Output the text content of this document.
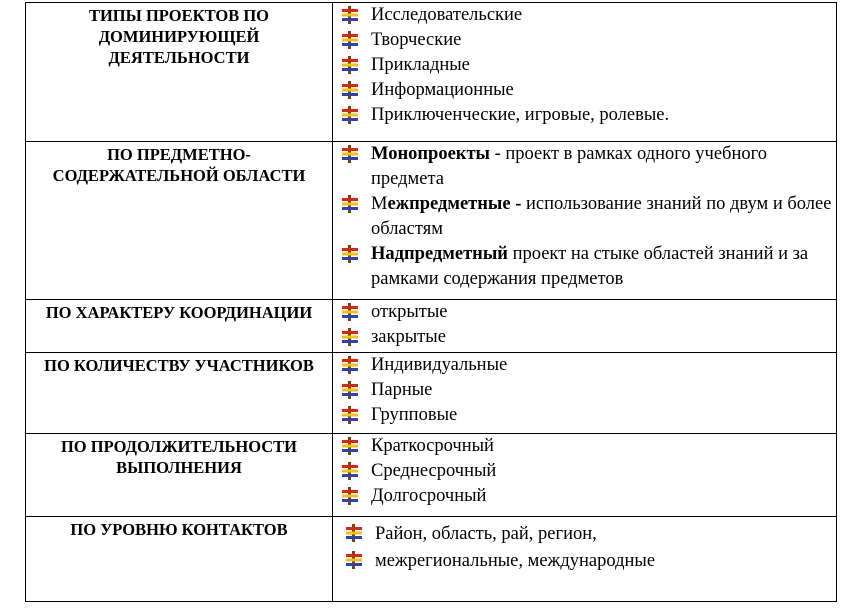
ТИПЫ ПРОЕКТОВ ПО ДОМИНИРУЮЩЕЙ ДЕЯТЕЛЬНОСТИ	Исследовательские
Творческие
Прикладные
Информационные
Приключенческие, игровые, ролевые.

ПО ПРЕДМЕТНО-СОДЕРЖАТЕЛЬНОЙ ОБЛАСТИ	Монопроекты - проект в рамках одного учебного предмета
Межпредметные - использование знаний по двум и более областям
Надпредметный проект на стыке областей знаний и за рамками содержания предметов

ПО ХАРАКТЕРУ КООРДИНАЦИИ	открытые
закрытые

ПО КОЛИЧЕСТВУ УЧАСТНИКОВ	Индивидуальные
Парные
Групповые

ПО ПРОДОЛЖИТЕЛЬНОСТИ ВЫПОЛНЕНИЯ	Краткосрочный
Среднесрочный
Долгосрочный

ПО УРОВНЮ КОНТАКТОВ	Район, область, рай, регион,
межрегиональные, международные
